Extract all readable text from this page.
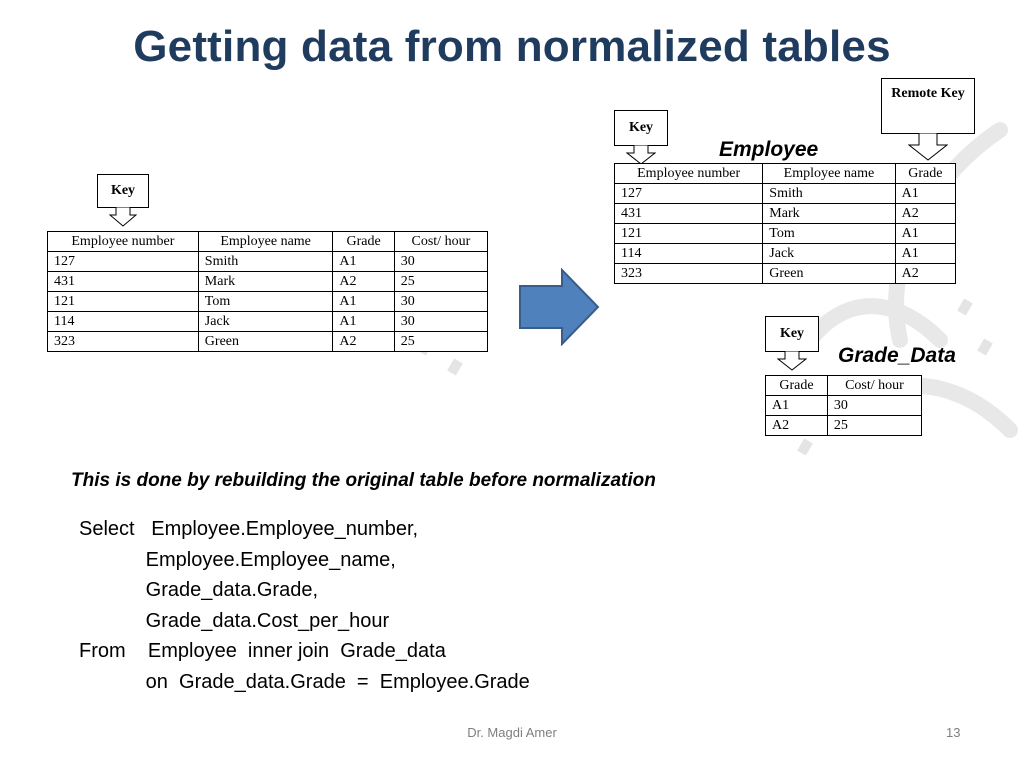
Getting data from normalized tables
Key
Employee number	Employee name	Grade	Cost/ hour
127	Smith	A1	30
431	Mark	A2	25
121	Tom	A1	30
114	Jack	A1	30
323	Green	A2	25
Key
Remote Key
Employee
Employee number	Employee name	Grade
127	Smith	A1
431	Mark	A2
121	Tom	A1
114	Jack	A1
323	Green	A2
Key
Grade_Data
Grade	Cost/ hour
A1	30
A2	25
This is done by rebuilding the original table before normalization
Select   Employee.Employee_number,
Employee.Employee_name,
Grade_data.Grade,
Grade_data.Cost_per_hour
From    Employee  inner join  Grade_data
on  Grade_data.Grade  =  Employee.Grade
Dr. Magdi Amer	13
